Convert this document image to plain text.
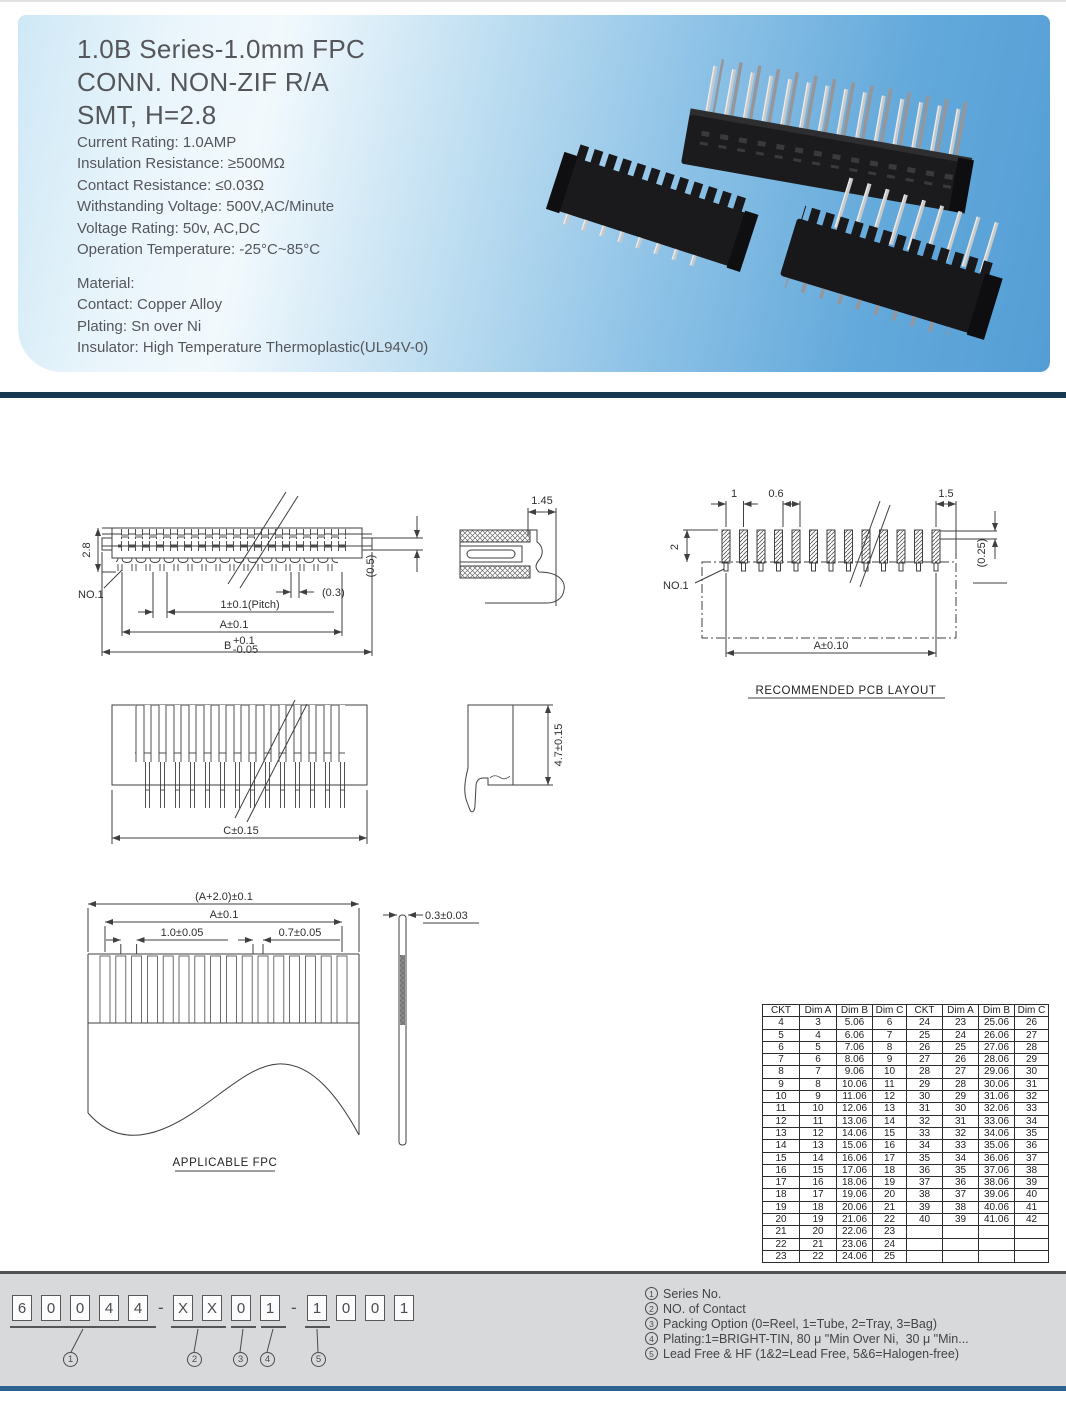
1.0B Series-1.0mm FPC
CONN. NON-ZIF R/A
SMT, H=2.8
Current Rating: 1.0AMP
Insulation Resistance: ≥500MΩ
Contact Resistance: ≤0.03Ω
Withstanding Voltage: 500V,AC/Minute
Voltage Rating: 50v, AC,DC
Operation Temperature: -25°C~85°C
Material:
Contact: Copper Alloy
Plating: Sn over Ni
Insulator: High Temperature Thermoplastic(UL94V-0)
2.8
NO.1	(0.3)
(0.5)
1±0.1(Pitch)
A±0.1
B +0.1
-0.05
1.45
1	0.6	1.5
2	(0.25)
NO.1
A±0.10
RECOMMENDED PCB LAYOUT
C±0.15
4.7±0.15
(A+2.0)±0.1
A±0.1
1.0±0.05	0.7±0.05
APPLICABLE FPC
0.3±0.03
CKT	Dim A	Dim B	Dim C	CKT	Dim A	Dim B	Dim C
4	3	5.06	6	24	23	25.06	26
5	4	6.06	7	25	24	26.06	27
6	5	7.06	8	26	25	27.06	28
7	6	8.06	9	27	26	28.06	29
8	7	9.06	10	28	27	29.06	30
9	8	10.06	11	29	28	30.06	31
10	9	11.06	12	30	29	31.06	32
11	10	12.06	13	31	30	32.06	33
12	11	13.06	14	32	31	33.06	34
13	12	14.06	15	33	32	34.06	35
14	13	15.06	16	34	33	35.06	36
15	14	16.06	17	35	34	36.06	37
16	15	17.06	18	36	35	37.06	38
17	16	18.06	19	37	36	38.06	39
18	17	19.06	20	38	37	39.06	40
19	18	20.06	21	39	38	40.06	41
20	19	21.06	22	40	39	41.06	42
21	20	22.06	23				
22	21	23.06	24				
23	22	24.06	25				
6	0	0	4	4 - X	X	0	1 -	1	0	0	1
1	2	3	4	5
1 Series No.
2 NO. of Contact
3 Packing Option (0=Reel, 1=Tube, 2=Tray, 3=Bag)
4 Plating:1=BRIGHT-TIN, 80 μ "Min Over Ni,  30 μ "Min...
5 Lead Free & HF (1&2=Lead Free, 5&6=Halogen-free)
